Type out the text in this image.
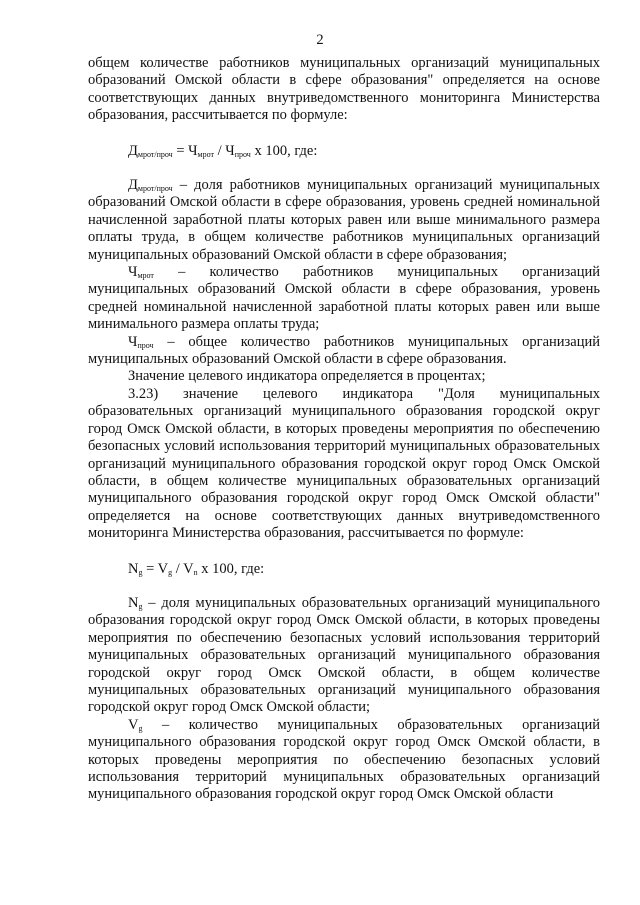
2

общем количестве работников муниципальных организаций муниципальных образований Омской области в сфере образования" определяется на основе соответствующих данных внутриведомственного мониторинга Министерства образования, рассчитывается по формуле:

$Д_{мрот/проч} = Ч_{мрот} / Ч_{проч}$ х 100, где:

$Д_{мрот/проч}$ – доля работников муниципальных организаций муниципальных образований Омской области в сфере образования, уровень средней номинальной начисленной заработной платы которых равен или выше минимального размера оплаты труда, в общем количестве работников муниципальных организаций муниципальных образований Омской области в сфере образования;

$Ч_{мрот}$ – количество работников муниципальных организаций муниципальных образований Омской области в сфере образования, уровень средней номинальной начисленной заработной платы которых равен или выше минимального размера оплаты труда;

$Ч_{проч}$ – общее количество работников муниципальных организаций муниципальных образований Омской области в сфере образования.

Значение целевого индикатора определяется в процентах;

3.23) значение целевого индикатора "Доля муниципальных образовательных организаций муниципального образования городской округ город Омск Омской области, в которых проведены мероприятия по обеспечению безопасных условий использования территорий муниципальных образовательных организаций муниципального образования городской округ город Омск Омской области, в общем количестве муниципальных образовательных организаций муниципального образования городской округ город Омск Омской области" определяется на основе соответствующих данных внутриведомственного мониторинга Министерства образования, рассчитывается по формуле:

$N_g = V_g / V_n$ х 100, где:

$N_g$ – доля муниципальных образовательных организаций муниципального образования городской округ город Омск Омской области, в которых проведены мероприятия по обеспечению безопасных условий использования территорий муниципальных образовательных организаций муниципального образования городской округ город Омск Омской области, в общем количестве муниципальных образовательных организаций муниципального образования городской округ город Омск Омской области;

$V_g$ – количество муниципальных образовательных организаций муниципального образования городской округ город Омск Омской области, в которых проведены мероприятия по обеспечению безопасных условий использования территорий муниципальных образовательных организаций муниципального образования городской округ город Омск Омской области
